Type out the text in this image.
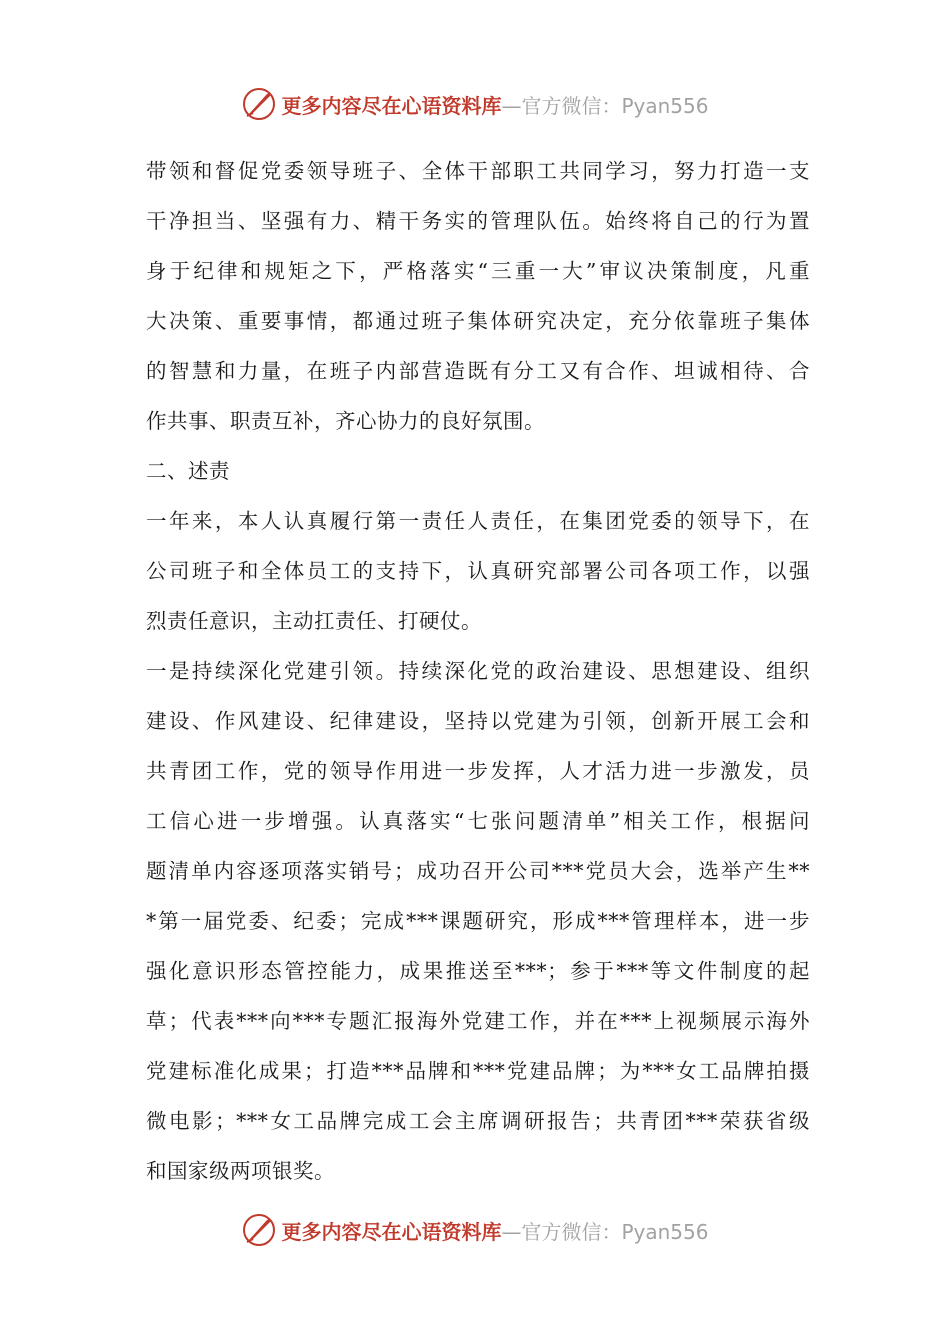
更多内容尽在心语资料库 —官方微信：Pyan556
带领和督促党委领导班子、全体干部职工共同学习，努力打造一支
干净担当、坚强有力、精干务实的管理队伍。始终将自己的行为置
身于纪律和规矩之下，严格落实“三重一大”审议决策制度，凡重
大决策、重要事情，都通过班子集体研究决定，充分依靠班子集体
的智慧和力量，在班子内部营造既有分工又有合作、坦诚相待、合
作共事、职责互补，齐心协力的良好氛围。
二、述责
一年来，本人认真履行第一责任人责任，在集团党委的领导下，在
公司班子和全体员工的支持下，认真研究部署公司各项工作，以强
烈责任意识，主动扛责任、打硬仗。
一是持续深化党建引领。持续深化党的政治建设、思想建设、组织
建设、作风建设、纪律建设，坚持以党建为引领，创新开展工会和
共青团工作，党的领导作用进一步发挥，人才活力进一步激发，员
工信心进一步增强。认真落实“七张问题清单”相关工作，根据问
题清单内容逐项落实销号；成功召开公司***党员大会，选举产生**
*第一届党委、纪委；完成***课题研究，形成***管理样本，进一步
强化意识形态管控能力，成果推送至***；参于***等文件制度的起
草；代表***向***专题汇报海外党建工作，并在***上视频展示海外
党建标准化成果；打造***品牌和***党建品牌；为***女工品牌拍摄
微电影；***女工品牌完成工会主席调研报告；共青团***荣获省级
和国家级两项银奖。
更多内容尽在心语资料库 —官方微信：Pyan556
